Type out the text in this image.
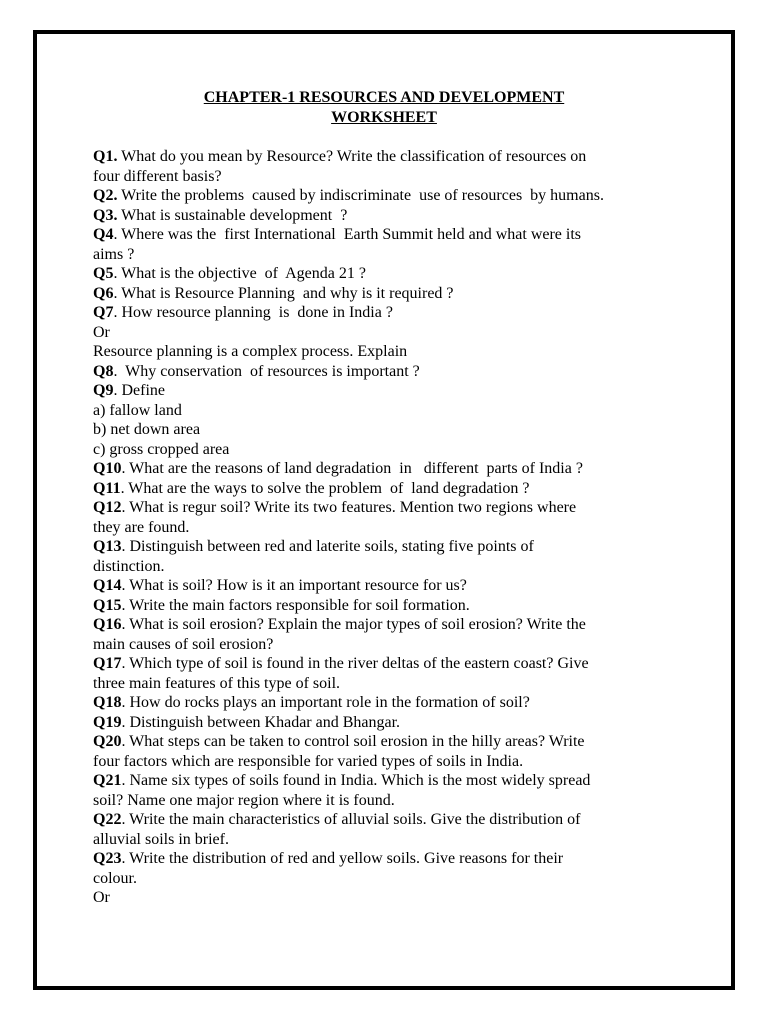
CHAPTER-1 RESOURCES AND DEVELOPMENT
WORKSHEET
Q1. What do you mean by Resource? Write the classification of resources on
four different basis?
Q2. Write the problems  caused by indiscriminate  use of resources  by humans.
Q3. What is sustainable development  ?
Q4. Where was the  first International  Earth Summit held and what were its
aims ?
Q5. What is the objective  of  Agenda 21 ?
Q6. What is Resource Planning  and why is it required ?
Q7. How resource planning  is  done in India ?
Or
Resource planning is a complex process. Explain
Q8.  Why conservation  of resources is important ?
Q9. Define
a) fallow land
b) net down area
c) gross cropped area
Q10. What are the reasons of land degradation  in   different  parts of India ?
Q11. What are the ways to solve the problem  of  land degradation ?
Q12. What is regur soil? Write its two features. Mention two regions where
they are found.
Q13. Distinguish between red and laterite soils, stating five points of
distinction.
Q14. What is soil? How is it an important resource for us?
Q15. Write the main factors responsible for soil formation.
Q16. What is soil erosion? Explain the major types of soil erosion? Write the
main causes of soil erosion?
Q17. Which type of soil is found in the river deltas of the eastern coast? Give
three main features of this type of soil.
Q18. How do rocks plays an important role in the formation of soil?
Q19. Distinguish between Khadar and Bhangar.
Q20. What steps can be taken to control soil erosion in the hilly areas? Write
four factors which are responsible for varied types of soils in India.
Q21. Name six types of soils found in India. Which is the most widely spread
soil? Name one major region where it is found.
Q22. Write the main characteristics of alluvial soils. Give the distribution of
alluvial soils in brief.
Q23. Write the distribution of red and yellow soils. Give reasons for their
colour.
Or
